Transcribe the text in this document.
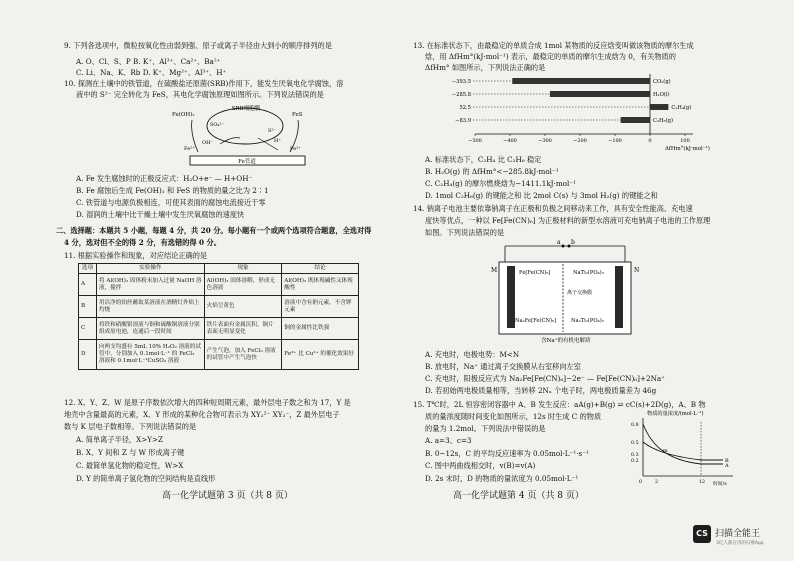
9. 下列各选项中，微粒按氧化性由弱到强、原子或离子半径由大到小的顺序排列的是
A. O、Cl、S、P B. K⁺、Al³⁺、Ca²⁺、Ba²⁺
C. Li、Na、K、Rb D. K⁺、Mg²⁺、Al³⁺、H⁺
10. 探测在土壤中的铁管道，在硫酸盐还原菌(SRB)作用下，能发生厌氧电化学腐蚀，溶
液中的 S²⁻ 完全转化为 FeS，其电化学腐蚀原理如图所示。下列说法错误的是
Fe管道
SRB细胞膜
Fe(OH)₂
SO₄²⁻
S²⁻
FeS
OH⁻	H⁺
Fe²⁺	Fe²⁺
A. Fe 发生腐蚀时的正极反应式：H₂O+e⁻ — H+OH⁻
B. Fe 腐蚀后生成 Fe(OH)₂ 和 FeS 的物质的量之比为 2∶1
C. 铁管道与电源负极相连，可使其表面的腐蚀电流接近于零
D. 湿润的土壤中比干燥土壤中发生厌氧腐蚀的速度快
二、选择题：本题共 5 小题，每题 4 分，共 20 分。每小题有一个或两个选项符合题意，全选对得
4 分，选对但不全的得 2 分，有选错的得 0 分。
11. 根据实验操作和现象，对应结论正确的是
选项	实验操作	现象	结论
A	将 Al(OH)₃ 固体粉末加入过量 NaOH 溶液，搅拌	Al(OH)₃ 固体溶解，形成无色溶液	Al(OH)₃ 既体现碱性又体现酸性
B	用洁净的铂丝蘸取某溶液在酒精灯外焰上灼烧	火焰呈黄色	溶液中含有钠元素，不含钾元素
C	将铁和硝酸银溶液与铜和硫酸铜溶液分别组成原电池，连通后一段时间	铁片表面有金属沉积，铜片表面无明显变化	铜的金属性比铁强
D	向两支均盛有 5mL 10% H₂O₂ 溶液的试管中，分别加入 0.1mol·L⁻¹ 的 FeCl₃ 溶液和 0.1mol·L⁻¹CuSO₄ 溶液	产生气泡，加入 FeCl₃ 溶液的试管中产生气泡快	Fe³⁺ 比 Cu²⁺ 的催化效果好
12. X、Y、Z、W 是原子序数依次增大的四种短周期元素，最外层电子数之和为 17，Y 是
地壳中含量最高的元素，X、Y 形成的某种化合物可表示为 XY₂²⁻ XY₃⁻，Z 最外层电子
数与 K 层电子数相等。下列说法错误的是
A. 简单离子半径，X>Y>Z
B. X、Y 间和 Z 与 W 形成离子键
C. 最简单氢化物的稳定性，W>X
D. Y 的简单离子氢化物的空间结构是直线形
高一化学试题第 3 页（共 8 页）
13. 在标准状态下，由最稳定的单质合成 1mol 某物质的反应焓变叫做该物质的摩尔生成
焓，用 ΔfHm°(kJ·mol⁻¹) 表示，最稳定的单质的摩尔生成焓为 0，有关物质的
ΔfHm° 如图所示，下列说法正确的是
−500	−400	−300	−200	−100	0	100
ΔfHm°(kJ·mol⁻¹)
−393.5	CO₂(g)
−285.8	H₂O(l)
52.5	C₂H₄(g)
−83.9	C₂H₆(g)
A. 标准状态下，C₂H₄ 比 C₂H₆ 稳定
B. H₂O(g) 的 ΔfHm°<−285.8kJ·mol⁻¹
C. C₂H₄(g) 的摩尔燃烧焓为−1411.1kJ·mol⁻¹
D. 1mol C₂H₆(g) 的键能之和 比 2mol C(s) 与 3mol H₂(g) 的键能之和
14. 钠离子电池主要依靠钠离子在正极和负极之间移动来工作，具有安全性能高、充电速
度快等优点，一种以 Fe[Fe(CN)₆] 为正极材料的新型水溶液可充电钠离子电池的工作原理
如图。下列说法错误的是
a b
M	N
Fe[Fe(CN)₆]	NaTi₂(PO₄)₃
Na₂Fe[Fe(CN)₆]	Na₃Ti₂(PO₄)₃
离子交换膜
含Na⁺的有机电解质
A. 充电时，电极电势：M<N
B. 放电时，Na⁺ 通过离子交换膜从右室移向左室
C. 充电时，阳极反应式为 Na₂Fe[Fe(CN)₆]−2e⁻ — Fe[Fe(CN)₆]+2Na⁺
D. 若初始两电极质量相等，当转移 2Nₐ 个电子时，两电极质量差为 46g
15. T℃时，2L 恒容密闭容器中 A、B 发生反应：aA(g)+B(g) ⇌ cC(s)+2D(g)，A、B 物
质的量浓度随时间变化如图所示，12s 时生成 C 的物质
的量为 1.2mol。下列说法中错误的是
A. a=3、c=3
B. 0~12s，C 的平均反应速率为 0.05mol·L⁻¹·s⁻¹
C. 图中两曲线相交时，v(B)=v(A)
D. 2s 末时，D 的物质的量浓度为 0.05mol·L⁻¹
物质的量浓度/(mol·L⁻¹)
0.8
0.5
0.3
0.2
0	2	12 时间/s
B
A
m
高一化学试题第 4 页（共 8 页）
CS 扫描全能王
3亿人都在用的扫描App
